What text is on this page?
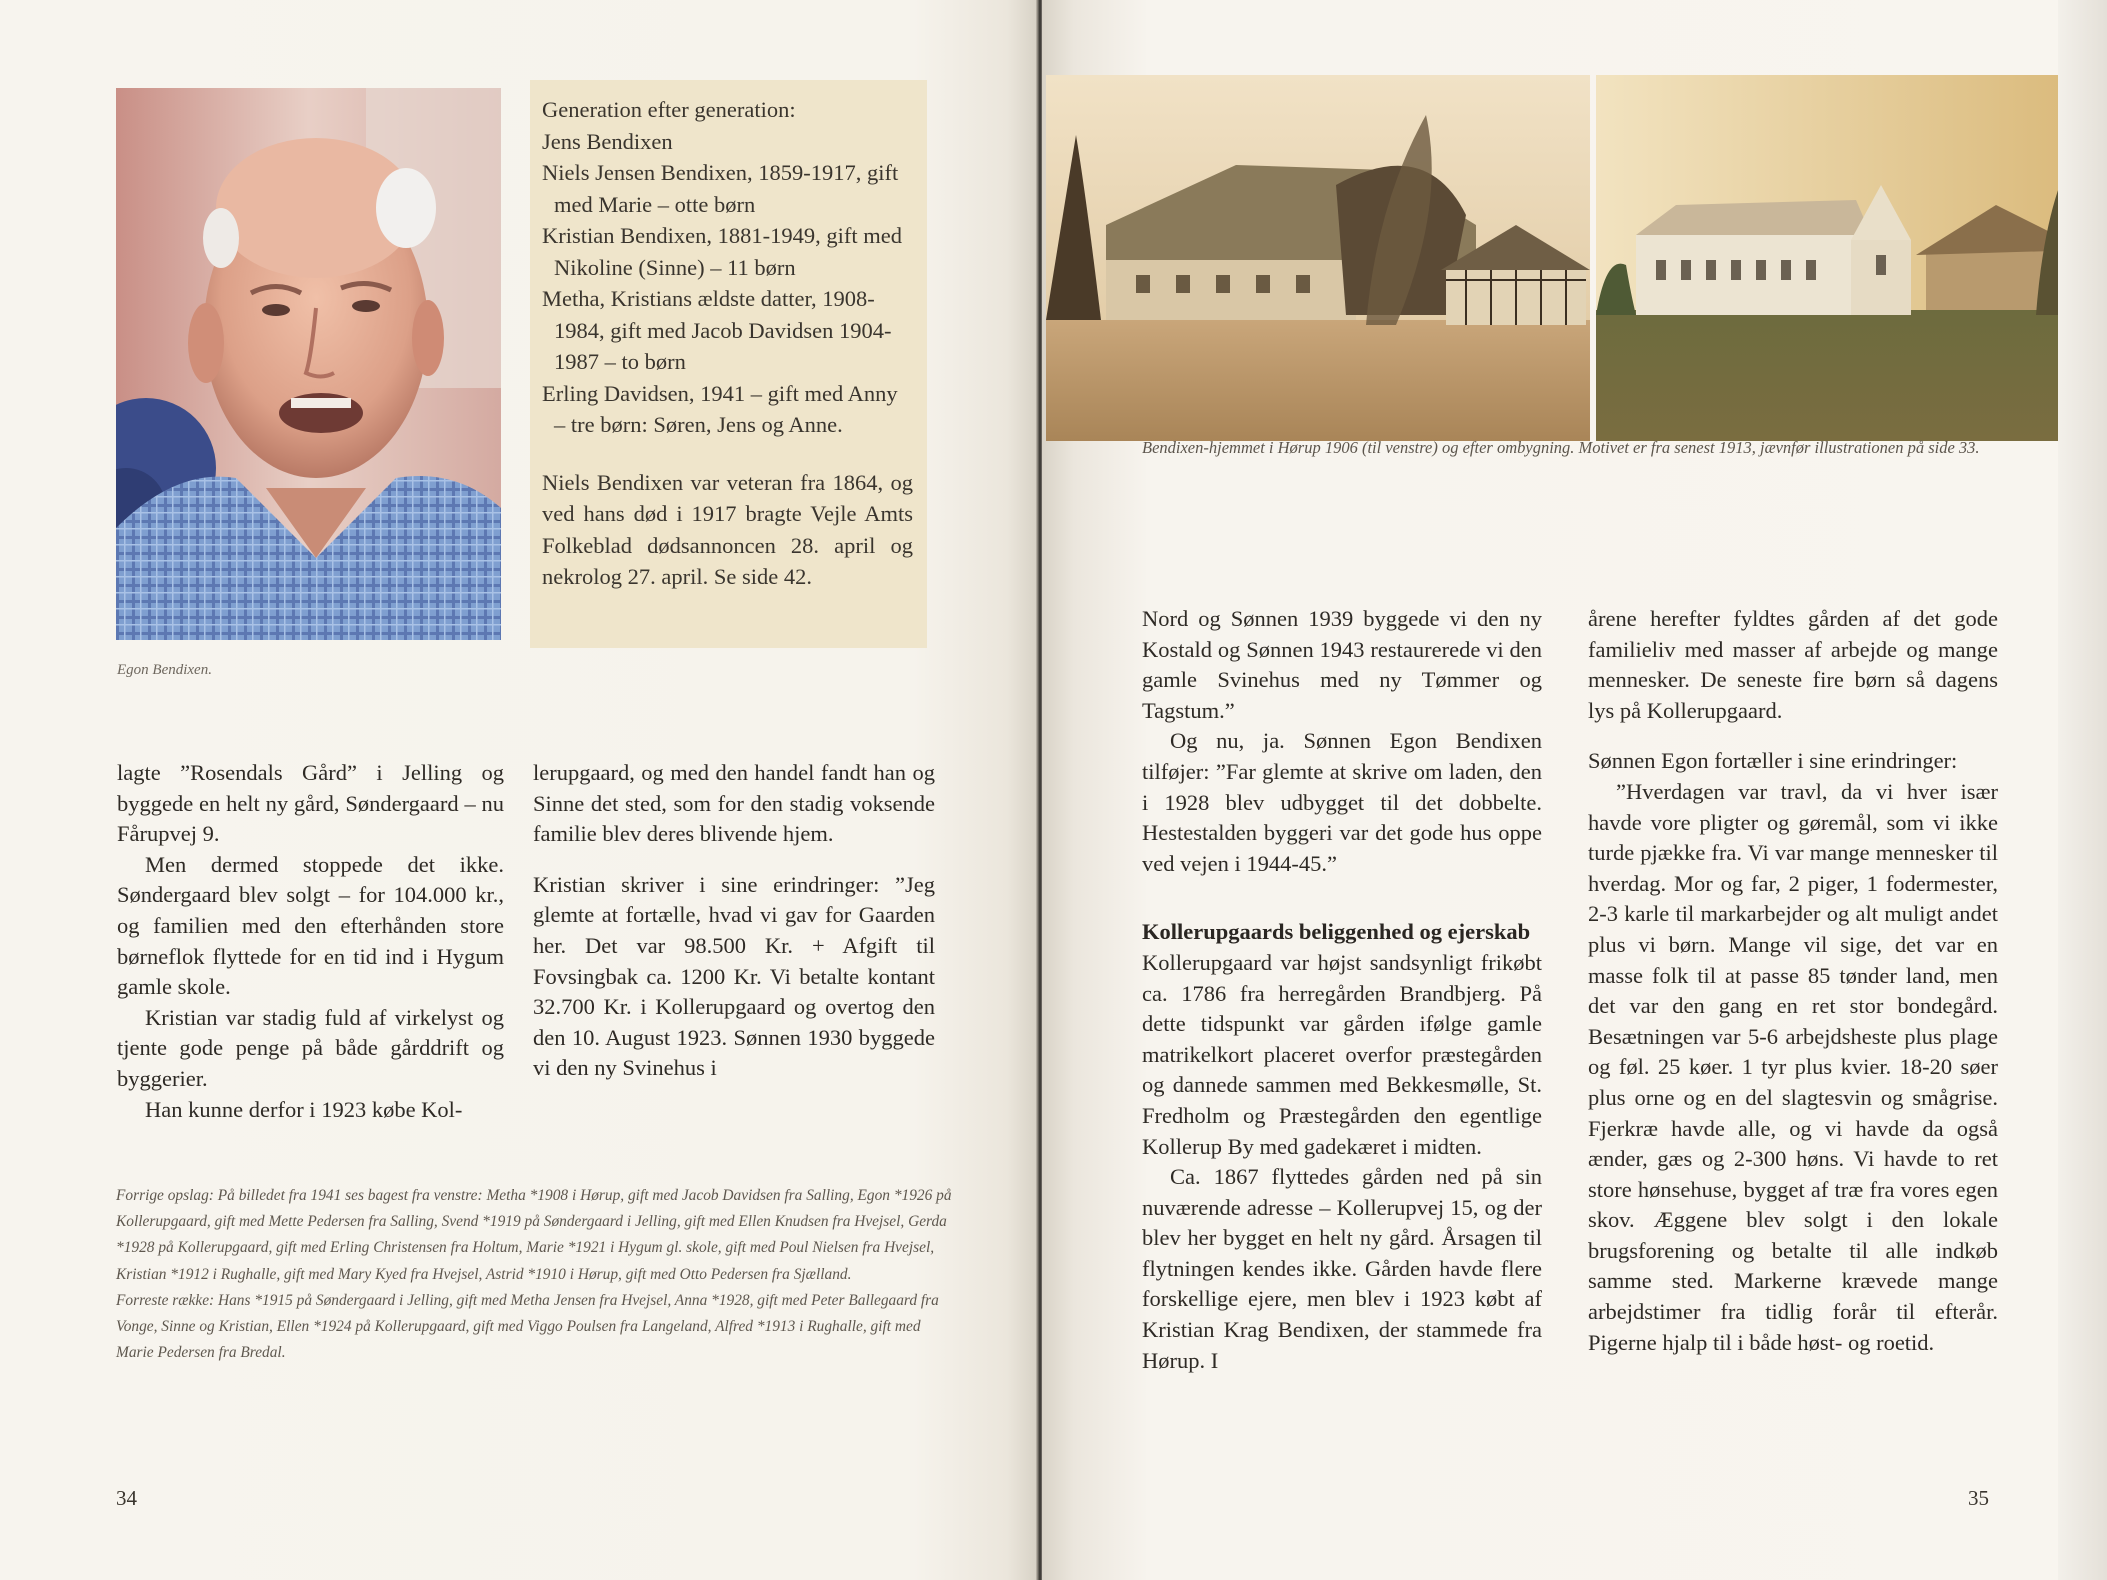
Egon Bendixen.

Generation efter generation:

Jens Bendixen

Niels Jensen Bendixen, 1859-1917, gift med Marie – otte børn

Kristian Bendixen, 1881-1949, gift med Nikoline (Sinne) – 11 børn

Metha, Kristians ældste datter, 1908-1984, gift med Jacob Davidsen 1904-1987 – to børn

Erling Davidsen, 1941 – gift med Anny – tre børn: Søren, Jens og Anne.

Niels Bendixen var veteran fra 1864, og ved hans død i 1917 bragte Vejle Amts Folkeblad dødsannoncen 28. april og nekrolog 27. april. Se side 42.

lagte ”Rosendals Gård” i Jelling og byggede en helt ny gård, Søndergaard – nu Fårupvej 9.

Men dermed stoppede det ikke. Søndergaard blev solgt – for 104.000 kr., og familien med den efterhånden store børneflok flyttede for en tid ind i Hygum gamle skole.

Kristian var stadig fuld af virkelyst og tjente gode penge på både gårddrift og byggerier.

Han kunne derfor i 1923 købe Kol-

lerupgaard, og med den handel fandt han og Sinne det sted, som for den stadig voksende familie blev deres blivende hjem.

Kristian skriver i sine erindringer: ”Jeg glemte at fortælle, hvad vi gav for Gaarden her. Det var 98.500 Kr. + Afgift til Fovsingbak ca. 1200 Kr. Vi betalte kontant 32.700 Kr. i Kollerupgaard og overtog den den 10. August 1923. Sønnen 1930 byggede vi den ny Svinehus i

Forrige opslag: På billedet fra 1941 ses bagest fra venstre: Metha *1908 i Hørup, gift med Jacob Davidsen fra Salling, Egon *1926 på Kollerupgaard, gift med Mette Pedersen fra Salling, Svend *1919 på Søndergaard i Jelling, gift med Ellen Knudsen fra Hvejsel, Gerda *1928 på Kollerupgaard, gift med Erling Christensen fra Holtum, Marie *1921 i Hygum gl. skole, gift med Poul Nielsen fra Hvejsel, Kristian *1912 i Rughalle, gift med Mary Kyed fra Hvejsel, Astrid *1910 i Hørup, gift med Otto Pedersen fra Sjælland.

Forreste række: Hans *1915 på Søndergaard i Jelling, gift med Metha Jensen fra Hvejsel, Anna *1928, gift med Peter Ballegaard fra Vonge, Sinne og Kristian, Ellen *1924 på Kollerupgaard, gift med Viggo Poulsen fra Langeland, Alfred *1913 i Rughalle, gift med Marie Pedersen fra Bredal.

34
Bendixen-hjemmet i Hørup 1906 (til venstre) og efter ombygning. Motivet er fra senest 1913, jævnfør illustrationen på side 33.

Nord og Sønnen 1939 byggede vi den ny Kostald og Sønnen 1943 restaurerede vi den gamle Svinehus med ny Tømmer og Tagstum.”

Og nu, ja. Sønnen Egon Bendixen tilføjer: ”Far glemte at skrive om laden, den i 1928 blev udbygget til det dobbelte. Hestestalden byggeri var det gode hus oppe ved vejen i 1944-45.”

Kollerupgaards beliggenhed og ejerskab

Kollerupgaard var højst sandsynligt frikøbt ca. 1786 fra herregården Brandbjerg. På dette tidspunkt var gården ifølge gamle matrikelkort placeret overfor præstegården og dannede sammen med Bekkesmølle, St. Fredholm og Præstegården den egentlige Kollerup By med gadekæret i midten.

Ca. 1867 flyttedes gården ned på sin nuværende adresse – Kollerupvej 15, og der blev her bygget en helt ny gård. Årsagen til flytningen kendes ikke. Gården havde flere forskellige ejere, men blev i 1923 købt af Kristian Krag Bendixen, der stammede fra Hørup. I

årene herefter fyldtes gården af det gode familieliv med masser af arbejde og mange mennesker. De seneste fire børn så dagens lys på Kollerupgaard.

Sønnen Egon fortæller i sine erindringer:

”Hverdagen var travl, da vi hver især havde vore pligter og gøremål, som vi ikke turde pjække fra. Vi var mange mennesker til hverdag. Mor og far, 2 piger, 1 fodermester, 2-3 karle til markarbejder og alt muligt andet plus vi børn. Mange vil sige, det var en masse folk til at passe 85 tønder land, men det var den gang en ret stor bondegård. Besætningen var 5-6 arbejdsheste plus plage og føl. 25 køer. 1 tyr plus kvier. 18-20 søer plus orne og en del slagtesvin og smågrise. Fjerkræ havde alle, og vi havde da også ænder, gæs og 2-300 høns. Vi havde to ret store hønsehuse, bygget af træ fra vores egen skov. Æggene blev solgt i den lokale brugsforening og betalte til alle indkøb samme sted. Markerne krævede mange arbejdstimer fra tidlig forår til efterår. Pigerne hjalp til i både høst- og roetid.

35
